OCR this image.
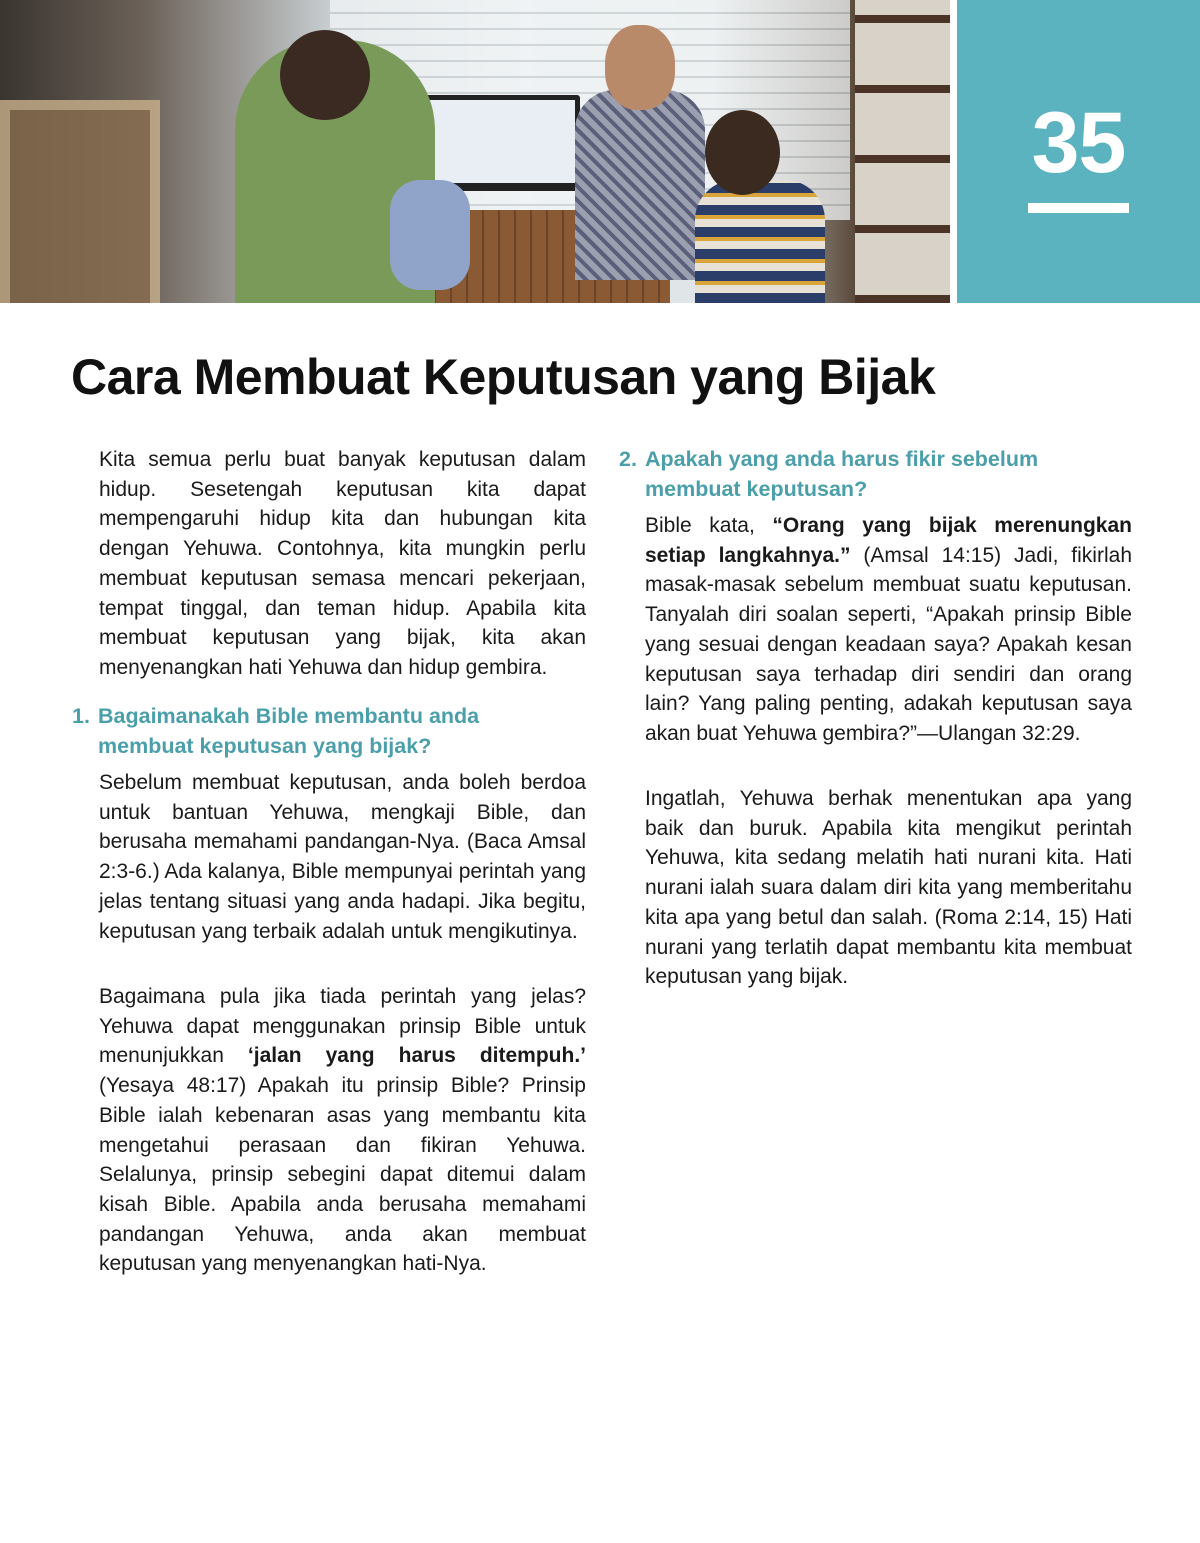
35
Cara Membuat Keputusan yang Bijak

Kita semua perlu buat banyak keputusan dalam hidup. Sesetengah keputusan kita dapat mempengaruhi hidup kita dan hubungan kita dengan Yehuwa. Contohnya, kita mungkin perlu membuat keputusan semasa mencari pekerjaan, tempat tinggal, dan teman hidup. Apabila kita membuat keputusan yang bijak, kita akan menyenangkan hati Yehuwa dan hidup gembira.

1. Bagaimanakah Bible membantu anda membuat keputusan yang bijak?

Sebelum membuat keputusan, anda boleh berdoa untuk bantuan Yehuwa, mengkaji Bible, dan berusaha memahami pandangan-Nya. (Baca Amsal 2:3-6.) Ada kalanya, Bible mempunyai perintah yang jelas tentang situasi yang anda hadapi. Jika begitu, keputusan yang terbaik adalah untuk mengikutinya.

Bagaimana pula jika tiada perintah yang jelas? Yehuwa dapat menggunakan prinsip Bible untuk menunjukkan ‘jalan yang harus ditempuh.’ (Yesaya 48:17) Apakah itu prinsip Bible? Prinsip Bible ialah kebenaran asas yang membantu kita mengetahui perasaan dan fikiran Yehuwa. Selalunya, prinsip sebegini dapat ditemui dalam kisah Bible. Apabila anda berusaha memahami pandangan Yehuwa, anda akan membuat keputusan yang menyenangkan hati-Nya.

2. Apakah yang anda harus fikir sebelum membuat keputusan?

Bible kata, “Orang yang bijak merenungkan setiap langkahnya.” (Amsal 14:15) Jadi, fikirlah masak-masak sebelum membuat suatu keputusan. Tanyalah diri soalan seperti, “Apakah prinsip Bible yang sesuai dengan keadaan saya? Apakah kesan keputusan saya terhadap diri sendiri dan orang lain? Yang paling penting, adakah keputusan saya akan buat Yehuwa gembira?”—Ulangan 32:29.

Ingatlah, Yehuwa berhak menentukan apa yang baik dan buruk. Apabila kita mengikut perintah Yehuwa, kita sedang melatih hati nurani kita. Hati nurani ialah suara dalam diri kita yang memberitahu kita apa yang betul dan salah. (Roma 2:14, 15) Hati nurani yang terlatih dapat membantu kita membuat keputusan yang bijak.
